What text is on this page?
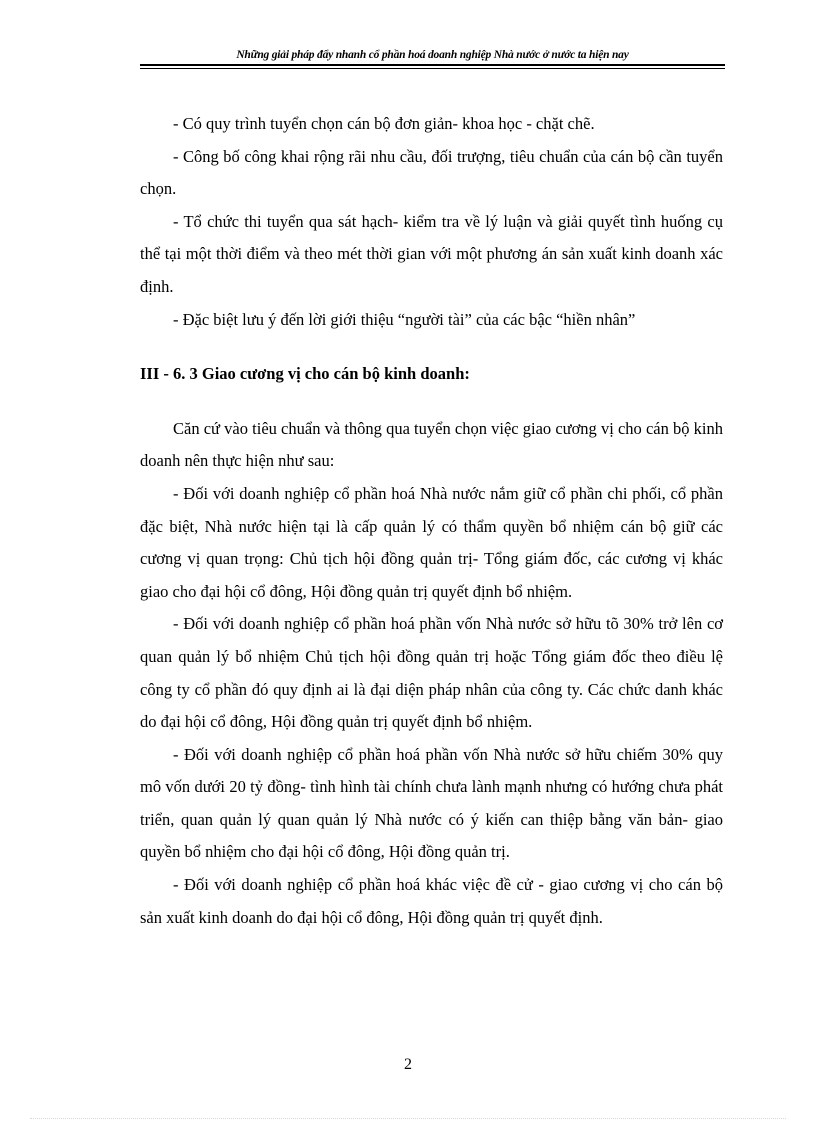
Những giải pháp đẩy nhanh cổ phần hoá doanh nghiệp Nhà nước ở nước ta hiện nay

- Có quy trình tuyển chọn cán bộ đơn giản- khoa học - chặt chẽ.

- Công bố công khai rộng rãi nhu cầu, đối trượng, tiêu chuẩn của cán bộ cần tuyển chọn.

- Tổ chức thi tuyển qua sát hạch- kiểm tra về lý luận và giải quyết tình huống cụ thể tại một thời điểm và theo mét thời gian với một phương án sản xuất kinh doanh xác định.

- Đặc biệt lưu ý đến lời giới thiệu “người tài” của các bậc “hiền nhân”

III - 6. 3 Giao cương vị cho cán bộ kinh doanh:

Căn cứ vào tiêu chuẩn và thông qua tuyển chọn việc giao cương vị cho cán bộ kinh doanh nên thực hiện như sau:

- Đối với doanh nghiệp cổ phần hoá Nhà nước nắm giữ cổ phần chi phối, cổ phần đặc biệt, Nhà nước hiện tại là cấp quản lý có thẩm quyền bổ nhiệm cán bộ giữ các cương vị quan trọng: Chủ tịch hội đồng quản trị- Tổng giám đốc, các cương vị khác giao cho đại hội cổ đông, Hội đồng quản trị quyết định bổ nhiệm.

- Đối với doanh nghiệp cổ phần hoá phần vốn Nhà nước sở hữu tõ 30% trở lên cơ quan quản lý bổ nhiệm Chủ tịch hội đồng quản trị hoặc Tổng giám đốc theo điều lệ công ty cổ phần đó quy định ai là đại diện pháp nhân của công ty. Các chức danh khác do đại hội cổ đông, Hội đồng quản trị quyết định bổ nhiệm.

- Đối với doanh nghiệp cổ phần hoá phần vốn Nhà nước sở hữu chiếm 30% quy mô vốn dưới 20 tỷ đồng- tình hình tài chính chưa lành mạnh nhưng có hướng chưa phát triển, quan quản lý quan quản lý Nhà nước có ý kiến can thiệp bằng văn bản- giao quyền bổ nhiệm cho đại hội cổ đông, Hội đồng quản trị.

- Đối với doanh nghiệp cổ phần hoá khác việc đề cử - giao cương vị cho cán bộ sản xuất kinh doanh do đại hội cổ đông, Hội đồng quản trị quyết định.

2
